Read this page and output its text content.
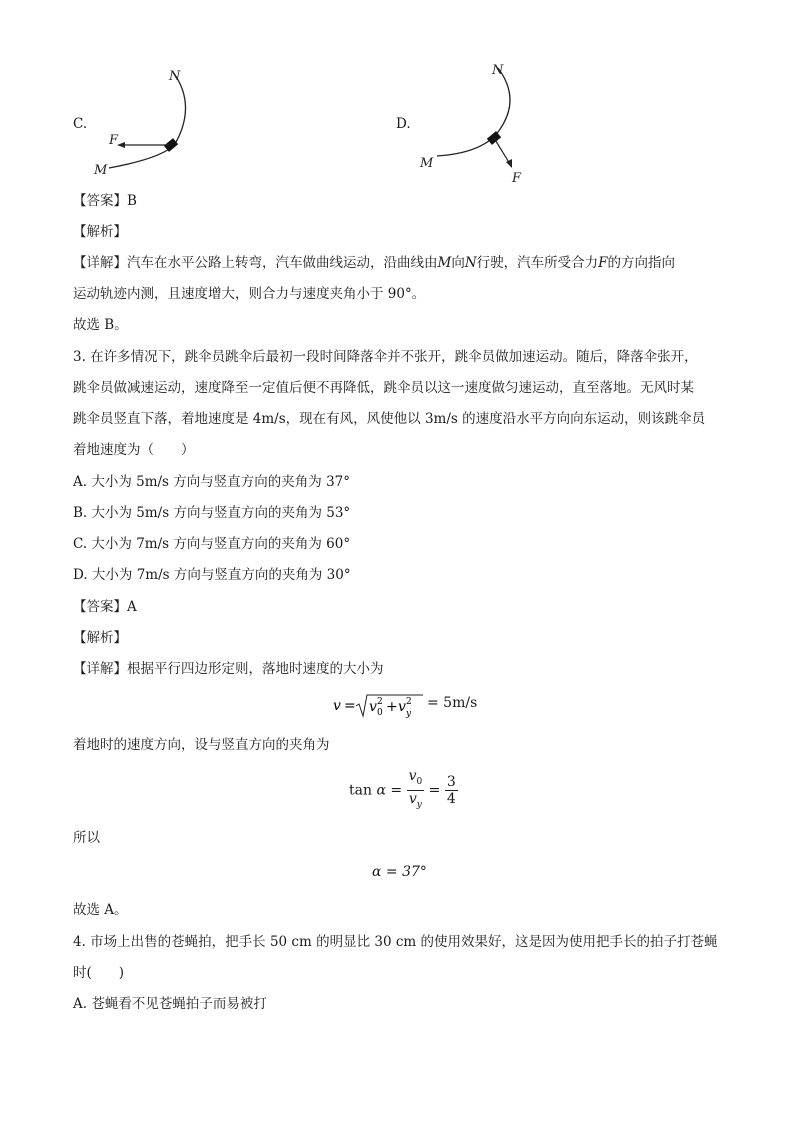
C.
N
M
F
D.
N
M
F
【答案】B
【解析】
【详解】汽车在水平公路上转弯，汽车做曲线运动，沿曲线由M向N行驶，汽车所受合力F的方向指向
运动轨迹内测，且速度增大，则合力与速度夹角小于 90°。
故选 B。
3. 在许多情况下，跳伞员跳伞后最初一段时间降落伞并不张开，跳伞员做加速运动。随后，降落伞张开，
跳伞员做减速运动，速度降至一定值后便不再降低，跳伞员以这一速度做匀速运动，直至落地。无风时某
跳伞员竖直下落，着地速度是 4m/s，现在有风，风使他以 3m/s 的速度沿水平方向向东运动，则该跳伞员
着地速度为（　　）
A. 大小为 5m/s 方向与竖直方向的夹角为 37°
B. 大小为 5m/s 方向与竖直方向的夹角为 53°
C. 大小为 7m/s 方向与竖直方向的夹角为 60°
D. 大小为 7m/s 方向与竖直方向的夹角为 30°
【答案】A
【解析】
【详解】根据平行四边形定则，落地时速度的大小为
v = v 0
2 + v y
2 = 5m/s
着地时的速度方向，设与竖直方向的夹角为
$\tan \alpha = \frac{v_0}{v_y} = \frac{3}{4}$
所以
α = 37°
故选 A。
4. 市场上出售的苍蝇拍，把手长 50 cm 的明显比 30 cm 的使用效果好，这是因为使用把手长的拍子打苍蝇
时(　　)
A. 苍蝇看不见苍蝇拍子而易被打
